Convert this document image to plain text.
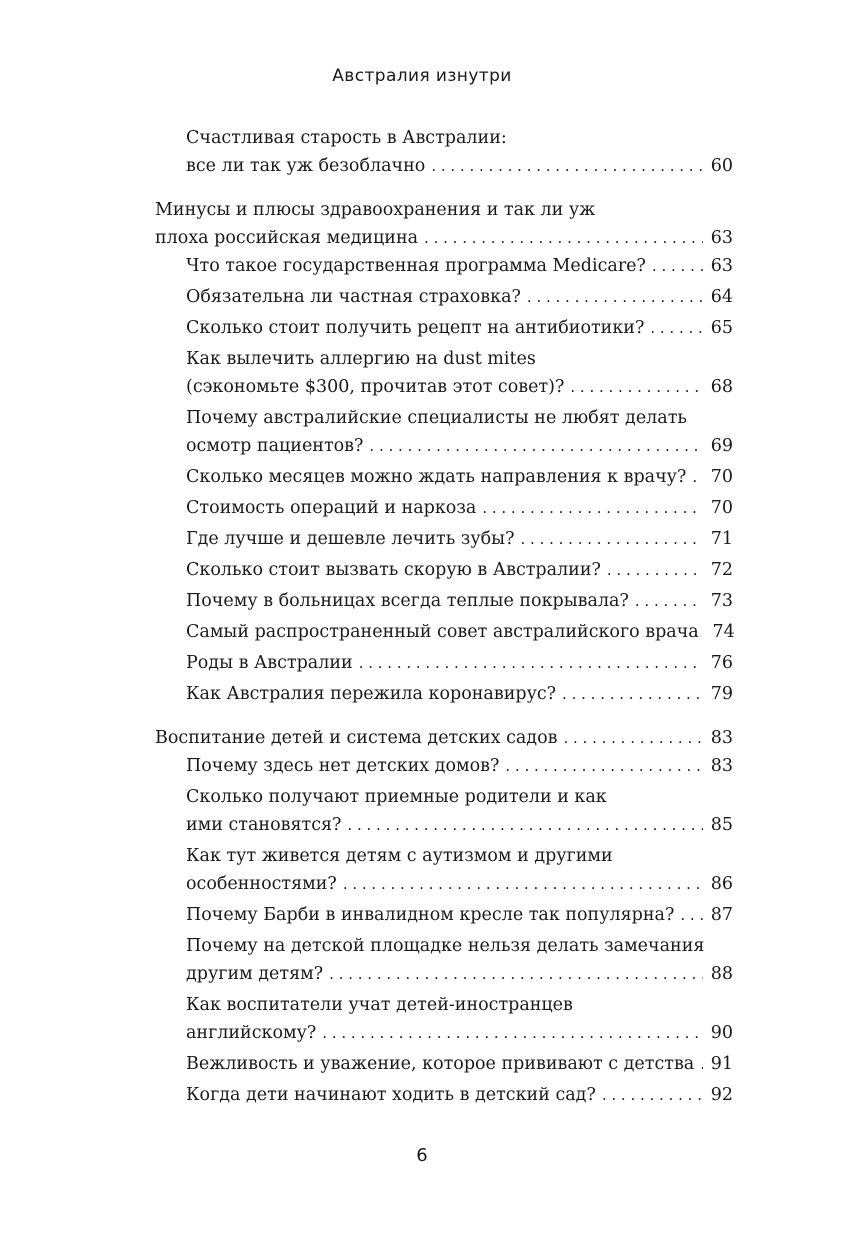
Австралия изнутри
Счастливая старость в Австралии:
все ли так уж безоблачно . . .	60
Минусы и плюсы здравоохранения и так ли уж
плоха российская медицина . . .	63
Что такое государственная программа Medicare? . . .	63
Обязательна ли частная страховка? . . .	64
Сколько стоит получить рецепт на антибиотики? . . .	65
Как вылечить аллергию на dust mites
(сэкономьте $300, прочитав этот совет)? . . .	68
Почему австралийские специалисты не любят делать
осмотр пациентов? . . .	69
Сколько месяцев можно ждать направления к врачу? . . . 70
Стоимость операций и наркоза . . .	70
Где лучше и дешевле лечить зубы? . . .	71
Сколько стоит вызвать скорую в Австралии? . . .	72
Почему в больницах всегда теплые покрывала? . . .	73
Самый распространенный совет австралийского врача 74
Роды в Австралии . . .	76
Как Австралия пережила коронавирус? . . .	79
Воспитание детей и система детских садов . . .	83
Почему здесь нет детских домов? . . .	83
Сколько получают приемные родители и как
ими становятся? . . .	85
Как тут живется детям с аутизмом и другими
особенностями? . . .	86
Почему Барби в инвалидном кресле так популярна? . . . 87
Почему на детской площадке нельзя делать замечания
другим детям? . . .	88
Как воспитатели учат детей-иностранцев
английскому? . . .	90
Вежливость и уважение, которое прививают с детства . . . 91
Когда дети начинают ходить в детский сад? . . .	92
6
